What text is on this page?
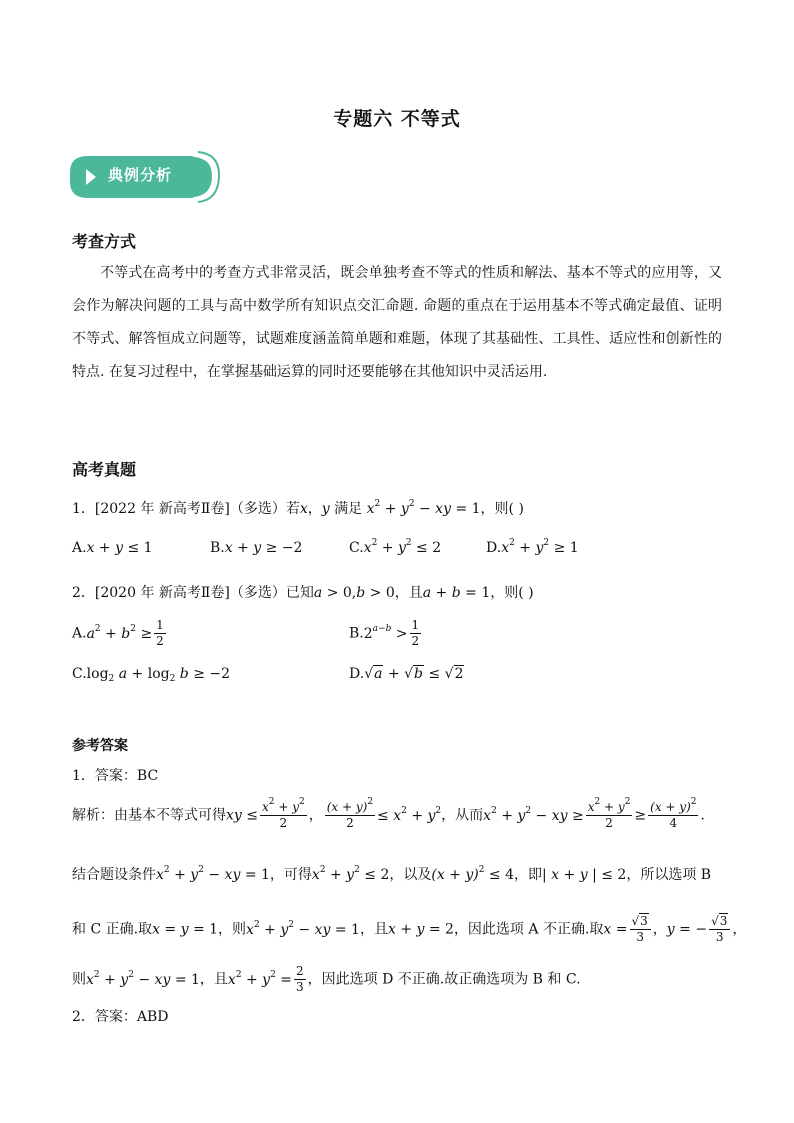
专题六 不等式
典例分析
考查方式
不等式在高考中的考查方式非常灵活，既会单独考查不等式的性质和解法、基本不等式的应用等，又会作为解决问题的工具与高中数学所有知识点交汇命题. 命题的重点在于运用基本不等式确定最值、证明不等式、解答恒成立问题等，试题难度涵盖简单题和难题，体现了其基础性、工具性、适应性和创新性的特点. 在复习过程中，在掌握基础运算的同时还要能够在其他知识中灵活运用.
高考真题
1．[2022 年 新高考Ⅱ卷]（多选）若x，y 满足 $x^2 + y^2$ − xy = 1，则( )
A.x + y ≤ 1	B.x + y ≥ −2	$C.x^2 + y^2 \le 2$	$D.x^2 + y^2 \ge 1$
2．[2020 年 新高考Ⅱ卷]（多选）已知a > 0,b > 0，且a + b = 1，则( )
$A.a^2 + b^2 \ge \frac{1}{2}$	$B.2^{a-b} > \frac{1}{2}$
$C.\log_2$ $a + \log_2 b \ge -2$	D.√a + √b ≤ √2
参考答案
1．答案：BC
解析：由基本不等式可得xy ≤ $\frac{x^2 + y^2}{2}$ ， $\frac{(x + y)^2}{2} \le x^2 + y^2$，从而$x^2 + y^2$ − xy ≥ $\frac{x^2 + y^2}{2} \ge \frac{(x + y)^2}{4}$ .
结合题设条件$x^2 + y^2$ − xy = 1，可得$x^2 + y^2 \le 2$，以及$(x + y)^2 \le 4$，即| x + y | ≤ 2，所以选项 B
和 C 正确.取x = y = 1，则$x^2 + y^2$ − xy = 1，且x + y = 2，因此选项 A 不正确.取$x = \frac{√3}{3}$ ，y = − $\frac{√3}{3}$ ，
则$x^2 + y^2$ − xy = 1，且$x^2 + y^2 = \frac{2}{3}$ ，因此选项 D 不正确.故正确选项为 B 和 C.
2．答案：ABD
